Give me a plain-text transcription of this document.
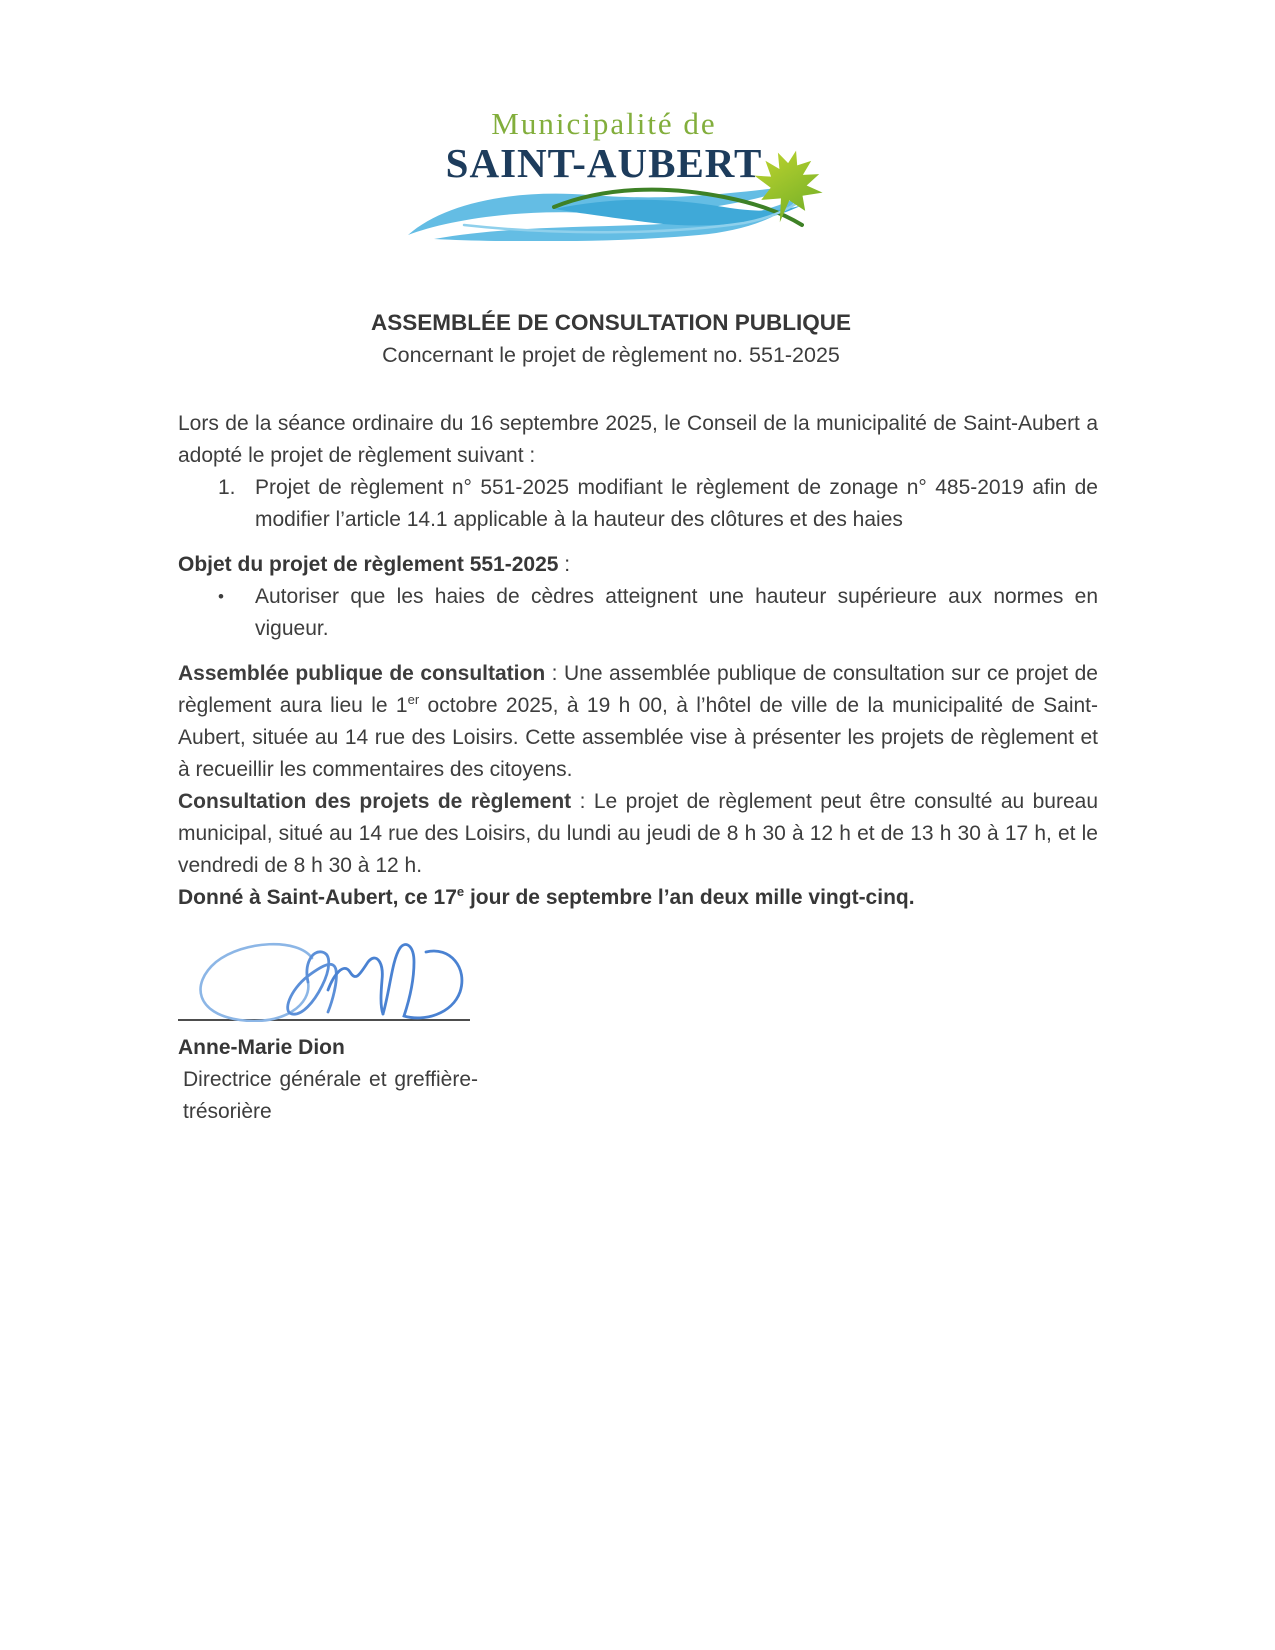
Municipalité de
SAINT-AUBERT

ASSEMBLÉE DE CONSULTATION PUBLIQUE

Concernant le projet de règlement no. 551-2025

Lors de la séance ordinaire du 16 septembre 2025, le Conseil de la municipalité de Saint-Aubert a adopté le projet de règlement suivant :

1. Projet de règlement n° 551-2025 modifiant le règlement de zonage n° 485-2019 afin de modifier l’article 14.1 applicable à la hauteur des clôtures et des haies

Objet du projet de règlement 551-2025 :

•	Autoriser que les haies de cèdres atteignent une hauteur supérieure aux normes en vigueur.

Assemblée publique de consultation : Une assemblée publique de consultation sur ce projet de règlement aura lieu le 1er octobre 2025, à 19 h 00, à l’hôtel de ville de la municipalité de Saint-Aubert, située au 14 rue des Loisirs. Cette assemblée vise à présenter les projets de règlement et à recueillir les commentaires des citoyens.

Consultation des projets de règlement : Le projet de règlement peut être consulté au bureau municipal, situé au 14 rue des Loisirs, du lundi au jeudi de 8 h 30 à 12 h et de 13 h 30 à 17 h, et le vendredi de 8 h 30 à 12 h.

Donné à Saint-Aubert, ce 17e jour de septembre l’an deux mille vingt-cinq.

Anne-Marie Dion

Directrice générale et greffière-trésorière
